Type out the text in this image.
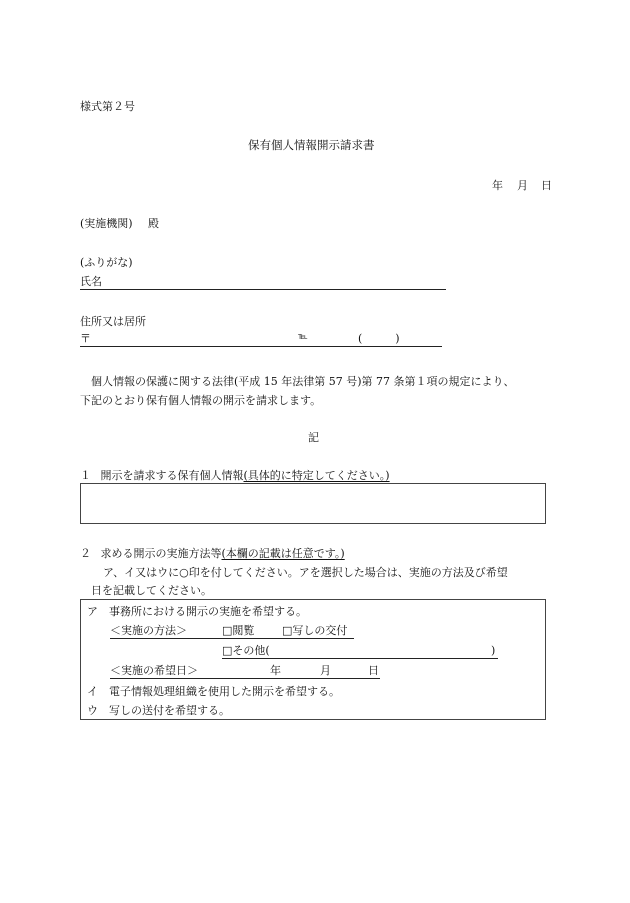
様式第２号
保有個人情報開示請求書
年 月 日
(実施機関) 殿
(ふりがな)
氏名
住所又は居所
〒	℡	(　　　)
個人情報の保護に関する法律(平成 15 年法律第 57 号)第 77 条第１項の規定により、
下記のとおり保有個人情報の開示を請求します。
記
１ 開示を請求する保有個人情報(具体的に特定してください。)
２ 求める開示の実施方法等(本欄の記載は任意です。)
ア、イ又はウに○印を付してください。アを選択した場合は、実施の方法及び希望
日を記載してください。
ア 事務所における開示の実施を希望する。
＜実施の方法＞	□閲覧	□写しの交付
□その他(	)
＜実施の希望日＞	年	月	日
イ 電子情報処理組織を使用した開示を希望する。
ウ 写しの送付を希望する。
